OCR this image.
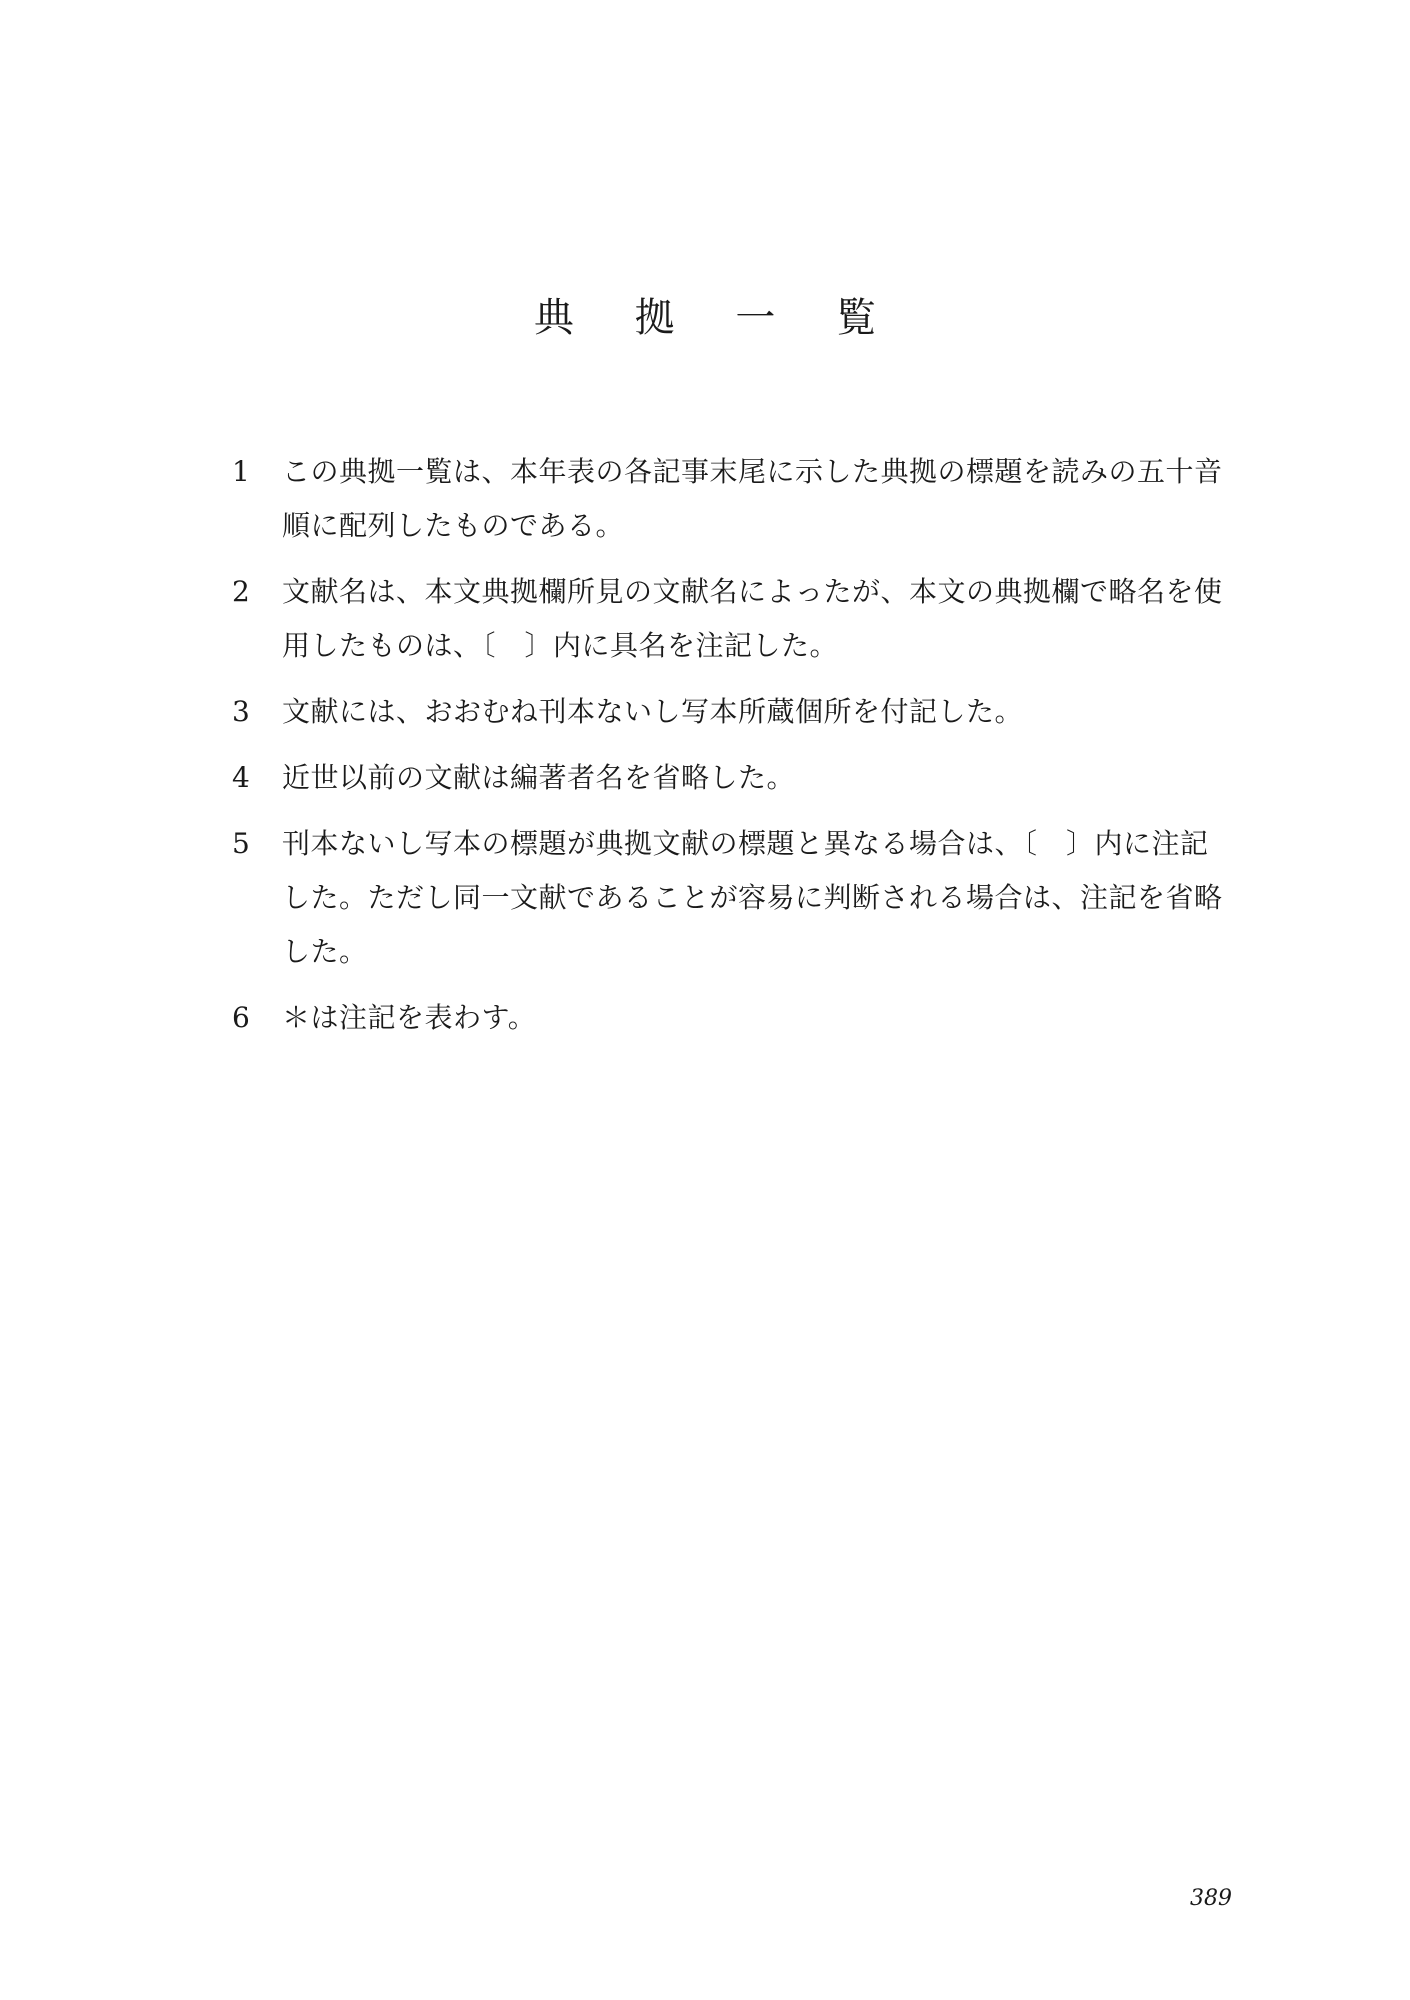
典 拠 一 覧
1	この典拠一覧は、本年表の各記事末尾に示した典拠の標題を読みの五十音順に配列したものである。
2	文献名は、本文典拠欄所見の文献名によったが、本文の典拠欄で略名を使用したものは、〔　〕内に具名を注記した。
3	文献には、おおむね刊本ないし写本所蔵個所を付記した。
4	近世以前の文献は編著者名を省略した。
5	刊本ないし写本の標題が典拠文献の標題と異なる場合は、〔　〕内に注記した。ただし同一文献であることが容易に判断される場合は、注記を省略した。
6	＊は注記を表わす。
389
